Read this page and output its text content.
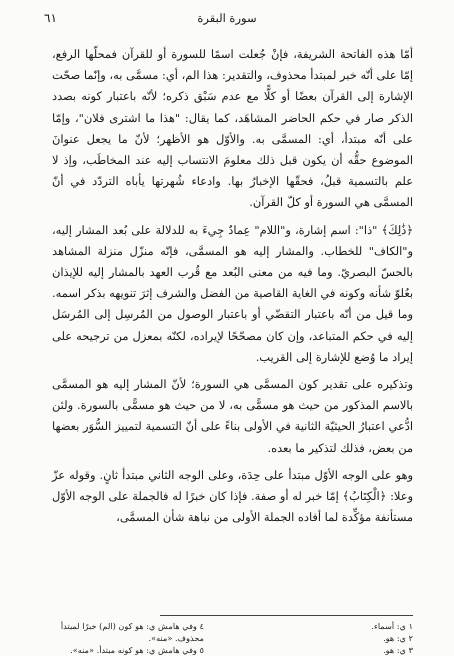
٦١	سورة البقرة

أمّا هذه الفاتحة الشريفة، فإنْ جُعلت اسمًا للسورة أو للقرآن فمحلّها الرفع، إمّا على أنّه خبر لمبتدأ محذوف، والتقدير: هذا الم، أي: مسمَّى به، وإنّما صحّت الإشارة إلى القرآن بعضًا أو كلًّا مع عدم سَبْق ذكره؛ لأنّه باعتبار كونه بصدد الذكر صار في حكم الحاضر المشاهَد، كما يقال: "هذا ما اشترى فلان"، وإمّا على أنّه مبتدأ، أي: المسمَّى به. والأوّل هو الأظهر؛ لأنّ ما يجعل عنوانَ الموضوع حقُّه أن يكون قبل ذلك معلومَ الانتساب إليه عند المخاطَب، وإذ لا علم بالتسمية قبلُ، فحقّها الإخبارُ بها. وادعاء شُهرتها يأباه التردّد في أنّ المسمَّى هي السورة أو كلّ القرآن.

﴿ذَٰلِكَ﴾ "ذا": اسم إشارة، و"اللام" عِمادٌ جِيءَ به للدلالة على بُعد المشار إليه، و"الكاف" للخطاب. والمشار إليه هو المسمَّى، فإنّه منزّل منزلة المشاهد بالحسّ البصريّ. وما فيه من معنى البُعد مع قُرب العهد بالمشار إليه للإيذان بعُلوّ شأنه وكونه في الغاية القاصية من الفضل والشرف إثرَ تنويهه بذكر اسمه. وما قيل من أنّه باعتبار التقضّي أو باعتبار الوصول من المُرسِل إلى المُرسَل إليه في حكم المتباعد، وإن كان مصحّحًا لإيراده، لكنّه بمعزل من ترجيحه على إيراد ما وُضع للإشارة إلى القريب.

وتذكيره على تقدير كون المسمَّى هي السورة؛ لأنّ المشار إليه هو المسمَّى بالاسم المذكور من حيث هو مسمًّى به، لا من حيث هو مسمًّى بالسورة. ولئن ادُّعي اعتبارُ الحيثيّة الثانية في الأولى بناءً على أنّ التسمية لتمييز السُّوَر بعضها من بعض، فذلك لتذكير ما بعده.

وهو على الوجه الأوّل مبتدأ على حِدَة، وعلى الوجه الثاني مبتدأ ثانٍ. وقوله عزّ وعلا: ﴿الْكِتَابُ﴾ إمّا خبر له أو صفة. فإذا كان خبرًا له فالجملة على الوجه الأوّل مستأنفة مؤكِّدة لما أفاده الجملة الأولى من نباهة شأن المسمَّى،

١ ي: أسماء.
٢ ي: هو.
٣ ي: هو.
٤ وفي هامش ي: هو كون (الم) خبرًا لمبتدأ
محذوف. «منه».
٥ وفي هامش ي: هو كونه مبتدأ. «منه».
